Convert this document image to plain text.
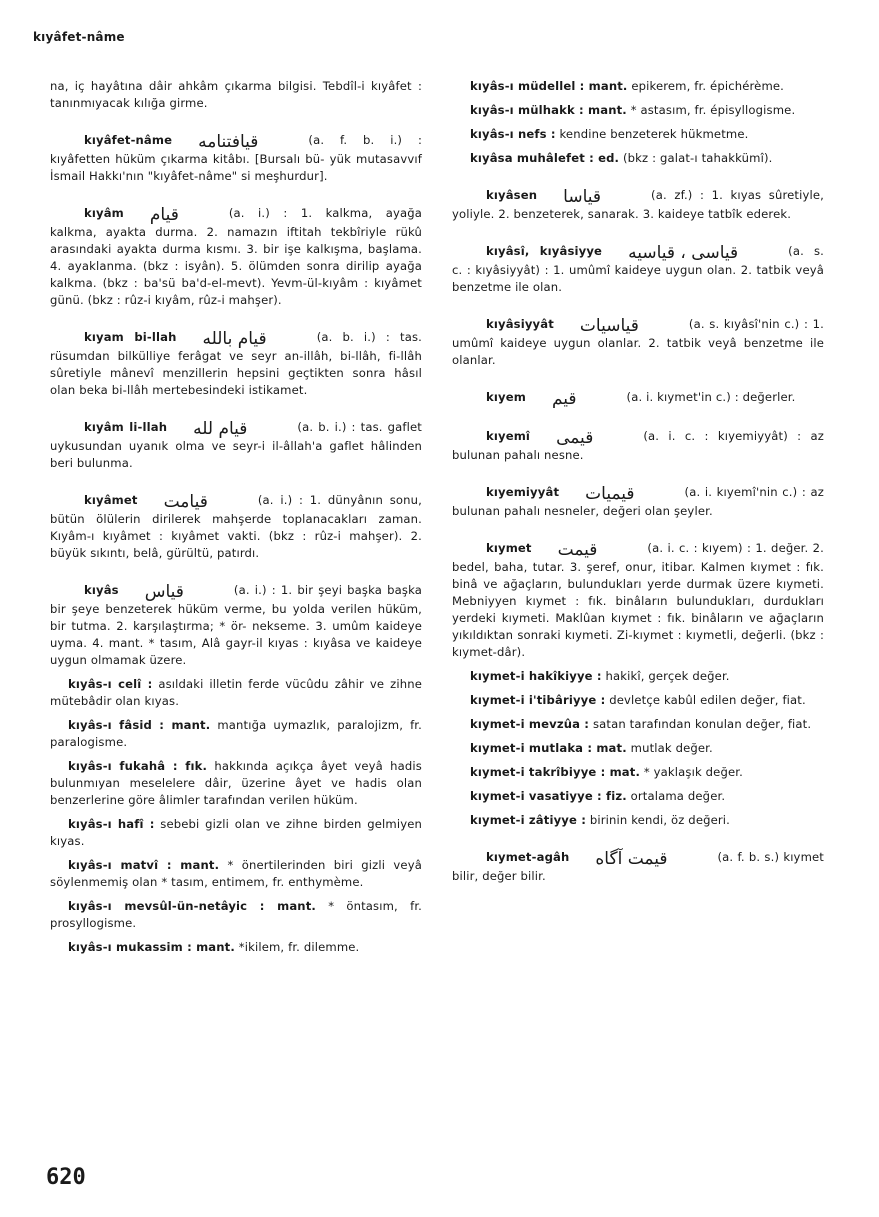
kıyâfet-nâme

na, iç hayâtına dâir ahkâm çıkarma bilgisi. Tebdîl-i kıyâfet : tanınmıyacak kılığa girme.

kıyâfet-nâme قيافتنامه	(a. f. b. i.) : kıyâfetten hüküm çıkarma kitâbı. [Bursalı bü- yük mutasavvıf İsmail Hakkı'nın "kıyâfet-nâme" si meşhurdur].

kıyâm قيام	(a. i.) : 1. kalkma, ayağa kalkma, ayakta durma. 2. namazın iftitah tekbîriyle rükû arasındaki ayakta durma kısmı. 3. bir işe kalkışma, başlama. 4. ayaklanma. (bkz : isyân). 5. ölümden sonra dirilip ayağa kalkma. (bkz : ba'sü ba'd-el-mevt). Yevm-ül-kıyâm : kıyâmet günü. (bkz : rûz-i kıyâm, rûz-i mahşer).

kıyam bi-llah قيام بالله	(a. b. i.) : tas. rüsumdan bilkülliye ferâgat ve seyr an-illâh, bi-llâh, fi-llâh sûretiyle mânevî menzillerin hepsini geçtikten sonra hâsıl olan beka bi-llâh mertebesindeki istikamet.

kıyâm li-llah قيام لله	(a. b. i.) : tas. gaflet uykusundan uyanık olma ve seyr-i il-âllah'a gaflet hâlinden beri bulunma.

kıyâmet قيامت	(a. i.) : 1. dünyânın sonu, bütün ölülerin dirilerek mahşerde toplanacakları zaman. Kıyâm-ı kıyâmet : kıyâmet vakti. (bkz : rûz-i mahşer). 2. büyük sıkıntı, belâ, gürültü, patırdı.

kıyâs قياس	(a. i.) : 1. bir şeyi başka başka bir şeye benzeterek hüküm verme, bu yolda verilen hüküm, bir tutma. 2. karşılaştırma; * ör- nekseme. 3. umûm kaideye uyma. 4. mant. * tasım, Alâ gayr-il kıyas : kıyâsa ve kaideye uygun olmamak üzere.

kıyâs-ı celî : asıldaki illetin ferde vücûdu zâhir ve zihne mütebâdir olan kıyas.

kıyâs-ı fâsid : mant. mantığa uymazlık, paralojizm, fr. paralogisme.

kıyâs-ı fukahâ : fık. hakkında açıkça âyet veyâ hadis bulunmıyan meselelere dâir, üzerine âyet ve hadis olan benzerlerine göre âlimler tarafından verilen hüküm.

kıyâs-ı hafî : sebebi gizli olan ve zihne birden gelmiyen kıyas.

kıyâs-ı matvî : mant. * önertilerinden biri gizli veyâ söylenmemiş olan * tasım, entimem, fr. enthymème.

kıyâs-ı mevsûl-ün-netâyic : mant. * öntasım, fr. prosyllogisme.

kıyâs-ı mukassim : mant. *ikilem, fr. dilemme.

kıyâs-ı müdellel : mant. epikerem, fr. épichérème.

kıyâs-ı mülhakk : mant. * astasım, fr. épisyllogisme.

kıyâs-ı nefs : kendine benzeterek hükmetme.

kıyâsa muhâlefet : ed. (bkz : galat-ı tahakkümî).

kıyâsen قياسا	(a. zf.) : 1. kıyas sûretiyle, yoliyle. 2. benzeterek, sanarak. 3. kaideye tatbîk ederek.

kıyâsî, kıyâsiyye قياسى ، قياسيه	(a. s. c. : kıyâsiyyât) : 1. umûmî kaideye uygun olan. 2. tatbik veyâ benzetme ile olan.

kıyâsiyyât قياسيات	(a. s. kıyâsî'nin c.) : 1. umûmî kaideye uygun olanlar. 2. tatbik veyâ benzetme ile olanlar.

kıyem قيم	(a. i. kıymet'in c.) : değerler.

kıyemî قيمى	(a. i. c. : kıyemiyyât) : az bulunan pahalı nesne.

kıyemiyyât قيميات	(a. i. kıyemî'nin c.) : az bulunan pahalı nesneler, değeri olan şeyler.

kıymet قيمت	(a. i. c. : kıyem) : 1. değer. 2. bedel, baha, tutar. 3. şeref, onur, itibar. Kalmen kıymet : fık. binâ ve ağaçların, bulundukları yerde durmak üzere kıymeti. Mebniyyen kıymet : fık. binâların bulundukları, durdukları yerdeki kıymeti. Maklûan kıymet : fık. binâların ve ağaçların yıkıldıktan sonraki kıymeti. Zi-kıymet : kıymetli, değerli. (bkz : kıymet-dâr).

kıymet-i hakîkiyye : hakikî, gerçek değer.

kıymet-i i'tibâriyye : devletçe kabûl edilen değer, fiat.

kıymet-i mevzûa : satan tarafından konulan değer, fiat.

kıymet-i mutlaka : mat. mutlak değer.

kıymet-i takrîbiyye : mat. * yaklaşık değer.

kıymet-i vasatiyye : fiz. ortalama değer.

kıymet-i zâtiyye : birinin kendi, öz değeri.

kıymet-agâh قيمت آگاه	(a. f. b. s.) kıymet bilir, değer bilir.

620
